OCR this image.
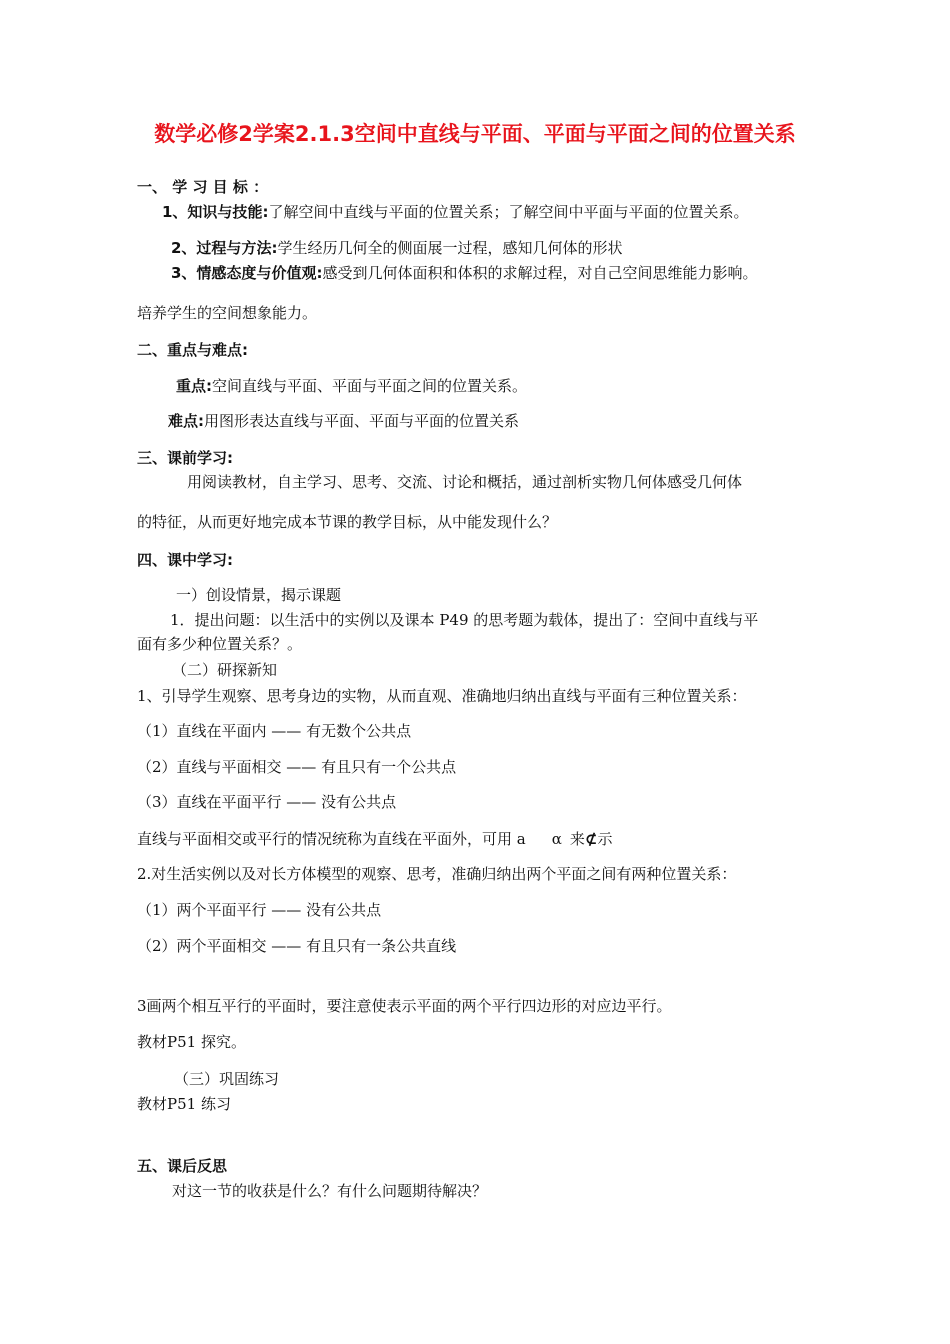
数学必修2学案2.1.3空间中直线与平面、平面与平面之间的位置关系
一、 学 习 目 标 ：
1、知识与技能:了解空间中直线与平面的位置关系；了解空间中平面与平面的位置关系。
2、过程与方法:学生经历几何全的侧面展一过程，感知几何体的形状
3、情感态度与价值观:感受到几何体面积和体积的求解过程，对自己空间思维能力影响。
培养学生的空间想象能力。
二、重点与难点:
重点:空间直线与平面、平面与平面之间的位置关系。
难点:用图形表达直线与平面、平面与平面的位置关系
三、课前学习:
用阅读教材，自主学习、思考、交流、讨论和概括，通过剖析实物几何体感受几何体
的特征，从而更好地完成本节课的教学目标，从中能发现什么？
四、课中学习:
一）创设情景，揭示课题
1．提出问题：以生活中的实例以及课本 P49 的思考题为载体，提出了：空间中直线与平
面有多少种位置关系？。
（二）研探新知
1、引导学生观察、思考身边的实物，从而直观、准确地归纳出直线与平面有三种位置关系：
（1）直线在平面内 —— 有无数个公共点
（2）直线与平面相交 —— 有且只有一个公共点
（3）直线在平面平行 —— 没有公共点
直线与平面相交或平行的情况统称为直线在平面外，可用 a α 来⊄示
2.对生活实例以及对长方体模型的观察、思考，准确归纳出两个平面之间有两种位置关系：
（1）两个平面平行 —— 没有公共点
（2）两个平面相交 —— 有且只有一条公共直线
3画两个相互平行的平面时，要注意使表示平面的两个平行四边形的对应边平行。
教材P51 探究。
（三）巩固练习
教材P51 练习
五、课后反思
对这一节的收获是什么？有什么问题期待解决？
